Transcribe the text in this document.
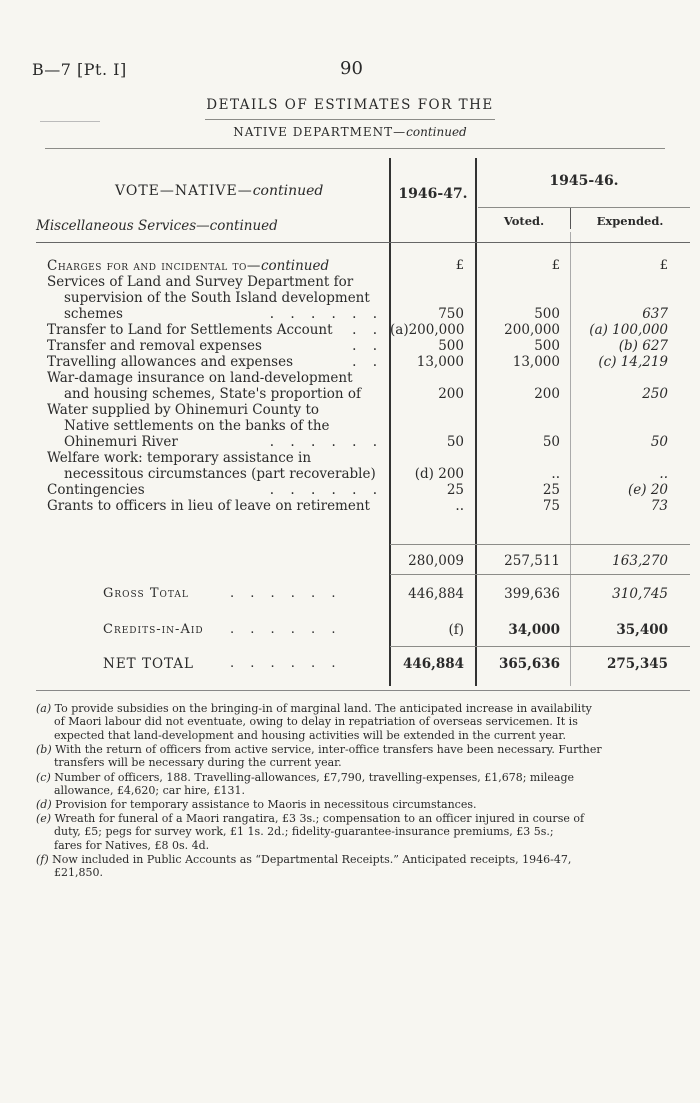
B—7 [Pt. I]	90
DETAILS OF ESTIMATES FOR THE
NATIVE DEPARTMENT—continued
VOTE—NATIVE—continued
Miscellaneous Services—continued
1946-47.
1945-46.
Voted.	Expended.
Charges for and incidental to—continued	£	£	£
Services of Land and Survey Department for
supervision of the South Island development
schemes	. . . . . .	750	500	637
Transfer to Land for Settlements Account . . (a)200,000	200,000	(a) 100,000
Transfer and removal expenses	. .	500	500	(b) 627
Travelling allowances and expenses	. .	13,000	13,000	(c) 14,219
War-damage insurance on land-development
and housing schemes, State's proportion of	200	200	250
Water supplied by Ohinemuri County to
Native settlements on the banks of the
Ohinemuri River	. . . . . .	50	50	50
Welfare work: temporary assistance in
necessitous circumstances (part recoverable)	(d) 200	..	..
Contingencies	. . . . . .	25	25	(e) 20
Grants to officers in lieu of leave on retirement	..	75	73
280,009	257,511	163,270
Gross Total	. . . . . .	446,884	399,636	310,745
Credits-in-Aid . . . . . .	(f)	34,000	35,400
NET TOTAL	. . . . . .	446,884	365,636	275,345
(a) To provide subsidies on the bringing-in of marginal land. The anticipated increase in availability
of Maori labour did not eventuate, owing to delay in repatriation of overseas servicemen. It is
expected that land-development and housing activities will be extended in the current year.
(b) With the return of officers from active service, inter-office transfers have been necessary. Further
transfers will be necessary during the current year.
(c) Number of officers, 188. Travelling-allowances, £7,790, travelling-expenses, £1,678; mileage
allowance, £4,620; car hire, £131.
(d) Provision for temporary assistance to Maoris in necessitous circumstances.
(e) Wreath for funeral of a Maori rangatira, £3 3s.; compensation to an officer injured in course of
duty, £5; pegs for survey work, £1 1s. 2d.; fidelity-guarantee-insurance premiums, £3 5s.;
fares for Natives, £8 0s. 4d.
(f) Now included in Public Accounts as “Departmental Receipts.” Anticipated receipts, 1946-47,
£21,850.
